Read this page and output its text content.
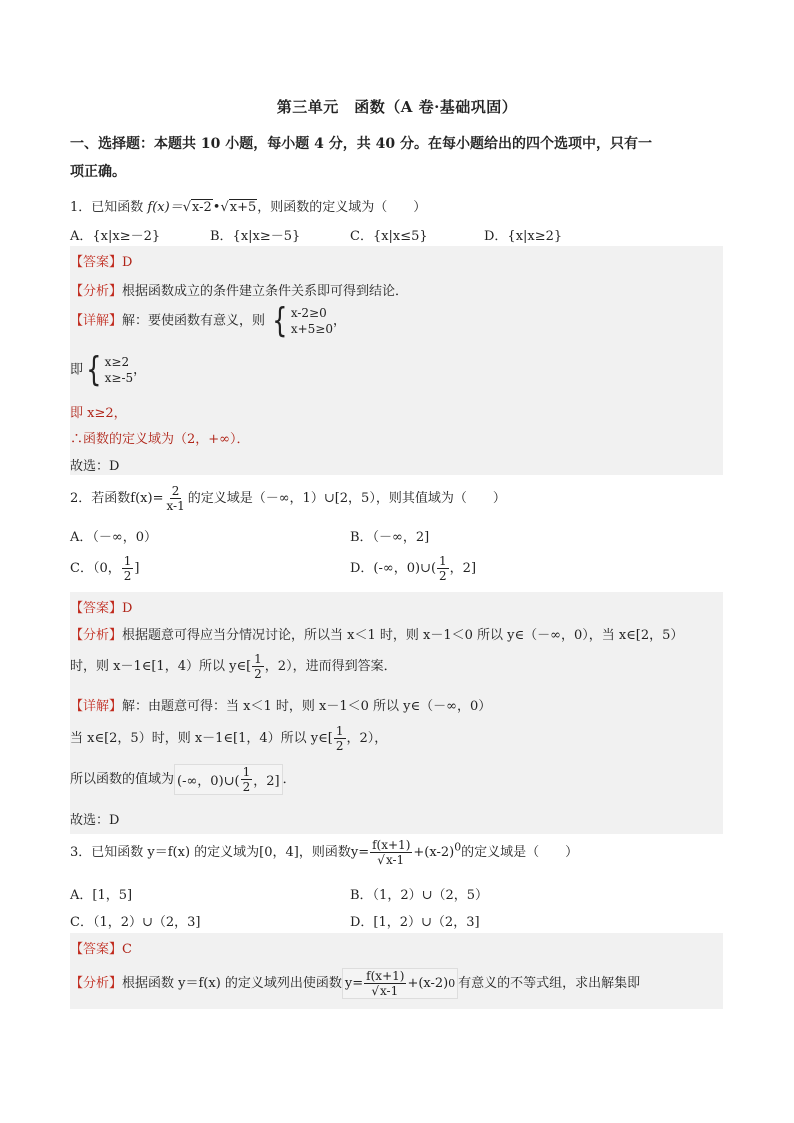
第三单元　函数（A 卷·基础巩固）
一、选择题：本题共 10 小题，每小题 4 分，共 40 分。在每小题给出的四个选项中，只有一
项正确。
1．已知函数 f(x)＝√x-2•√x+5，则函数的定义域为（　　）
A．{x|x≥－2}	B．{x|x≥－5}	C．{x|x≤5}	D．{x|x≥2}
【答案】D
【分析】根据函数成立的条件建立条件关系即可得到结论．
【详解】解：要使函数有意义，则 { x-2≥0
x+5≥0
，
即 { x≥2
x≥-5
，
即 x≥2，
∴函数的定义域为（2，+∞）．
故选：D
2．若函数$f(x)= \frac{2}{x-1}$ 的定义域是（－∞，1）∪[2，5），则其值域为（　　）
A．（－∞，0）	B．（－∞，2]
C．（0， $\frac{1}{2}$ ]	D．(-∞，0)∪( $\frac{1}{2}$ ，2]
【答案】D
【分析】根据题意可得应当分情况讨论，所以当 x＜1 时，则 x－1＜0 所以 y∈（－∞，0），当 x∈[2，5）
时，则 x－1∈[1，4）所以 y∈[ $\frac{1}{2}$ ，2），进而得到答案．
【详解】解：由题意可得：当 x＜1 时，则 x－1＜0 所以 y∈（－∞，0）
当 x∈[2，5）时，则 x－1∈[1，4）所以 y∈[ $\frac{1}{2}$ ，2），
所以函数的值域为 (-∞，0)∪( $\frac{1}{2}$ ，2] ．
故选：D
3．已知函数 y＝f(x) 的定义域为[0，4]，则函数$y= \frac{f(x+1)}{√x-1} +(x-2)^0$的定义域是（　　）
A．[1，5]	B．（1，2）∪（2，5）
C．（1，2）∪（2，3]	D．[1，2）∪（2，3]
【答案】C
【分析】根据函数 y＝f(x) 的定义域列出使函数 $y= \frac{f(x+1)}{√x-1} +(x-2)$ 0 有意义的不等式组，求出解集即
